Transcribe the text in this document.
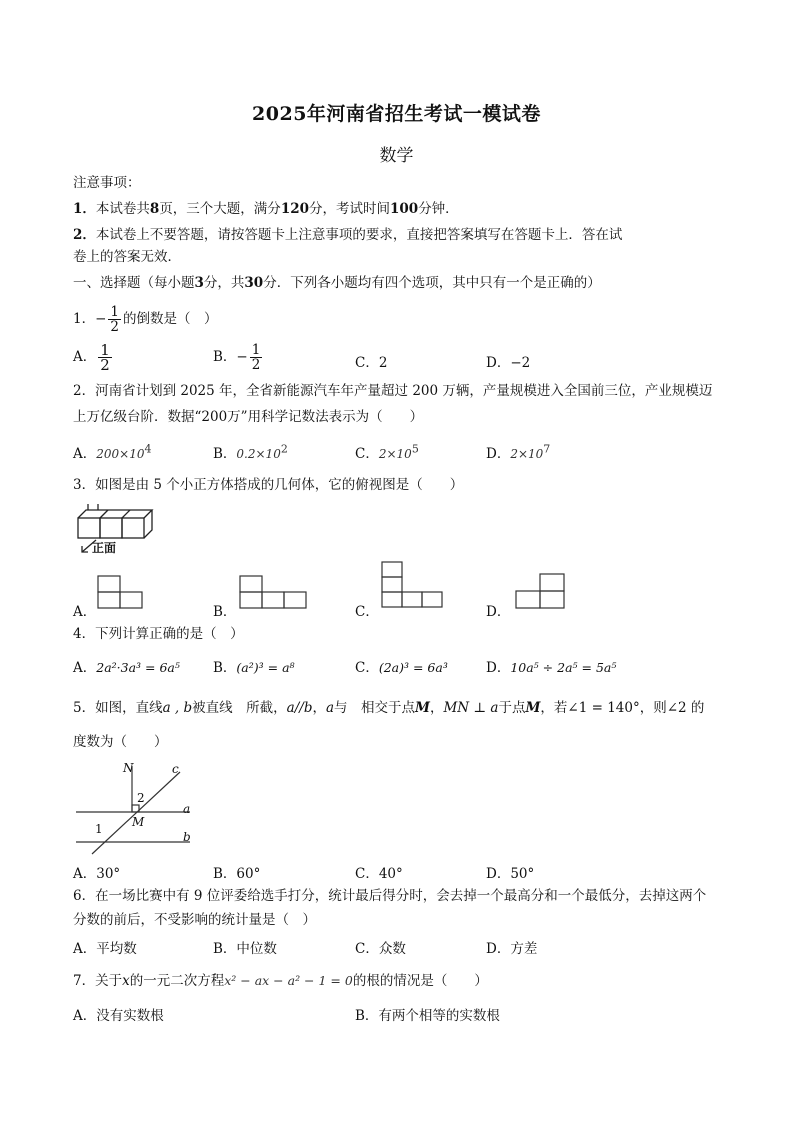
2025年河南省招生考试一模试卷
数学
注意事项：
1．本试卷共8页，三个大题，满分120分，考试时间100分钟．
2．本试卷上不要答题，请按答题卡上注意事项的要求，直接把答案填写在答题卡上．答在试
卷上的答案无效．
一、选择题（每小题3分，共30分．下列各小题均有四个选项，其中只有一个是正确的）
1．− $\frac{1}{2}$ 的倒数是（　）
A． $\frac{1}{2}$	B．− $\frac{1}{2}$	C．2	D．−2
2．河南省计划到 2025 年，全省新能源汽车年产量超过 200 万辆，产量规模进入全国前三位，产业规模迈
上万亿级台阶．数据“200万”用科学记数法表示为（　　）
A．$200\times 10^4$	B．$0.2\times 10^2$	C．$2\times 10^5$	D．$2\times 10^7$
3．如图是由 5 个小正方体搭成的几何体，它的俯视图是（　　）
正面
A．	B．	C．	D．
4．下列计算正确的是（　）
A．2a²·3a³ = 6a⁵ B．(a²)³ = a⁸	C．(2a)³ = 6a³	D．10a⁵ ÷ 2a⁵ = 5a⁵
5．如图，直线a , b被直线　所截，a//b，a与　相交于点M，MN ⊥ a于点M，若∠1 = 140°，则∠2 的
度数为（　　）
N	c
a
b
2
1 M
A．30°	B．60°	C．40°	D．50°
6．在一场比赛中有 9 位评委给选手打分，统计最后得分时，会去掉一个最高分和一个最低分，去掉这两个
分数的前后，不受影响的统计量是（　）
A．平均数	B．中位数	C．众数	D．方差
7．关于x的一元二次方程x² − ax − a² − 1 = 0的根的情况是（　　）
A．没有实数根	B．有两个相等的实数根
